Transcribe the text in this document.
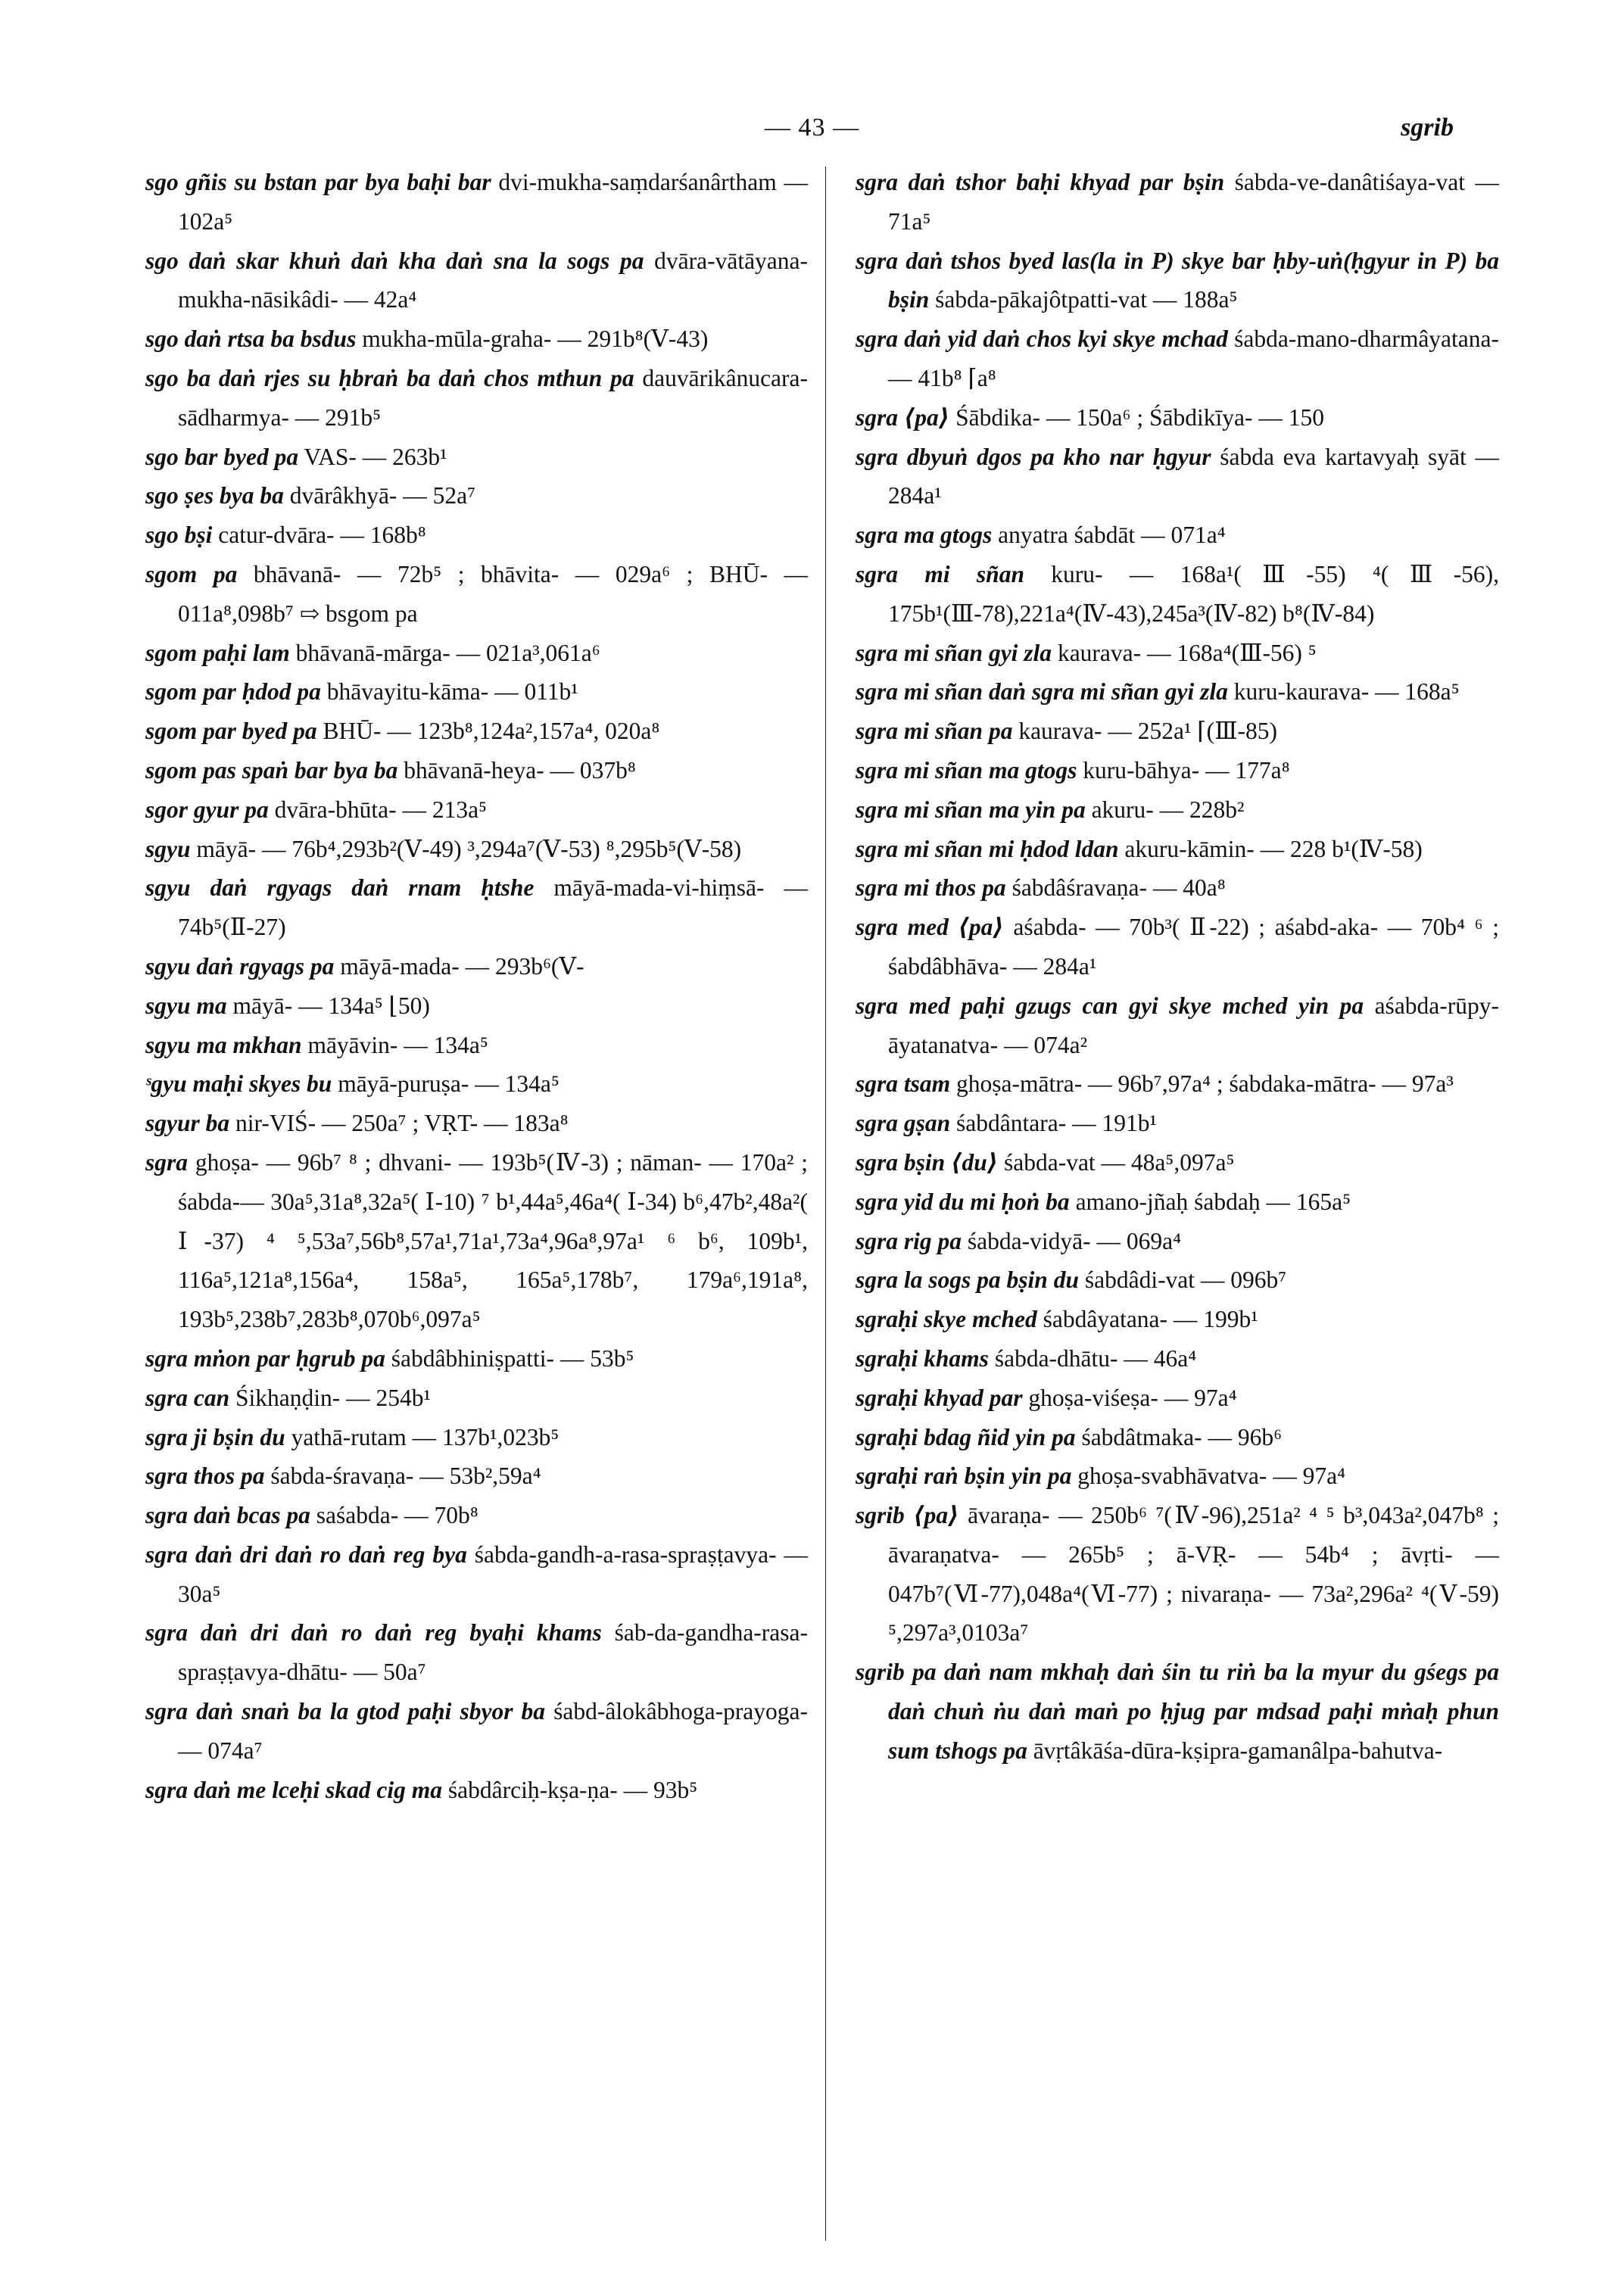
— 43 —	sgrib
sgo gñis su bstan par bya baḥi bar dvi-mukha-saṃdarśanârtham — 102a⁵
sgo daṅ skar khuṅ daṅ kha daṅ sna la sogs pa dvāra-vātāyana-mukha-nāsikâdi- — 42a⁴
sgo daṅ rtsa ba bsdus mukha-mūla-graha- — 291b⁸(Ⅴ-43)
sgo ba daṅ rjes su ḥbraṅ ba daṅ chos mthun pa dauvārikânucara-sādharmya- — 291b⁵
sgo bar byed pa VAS- — 263b¹
sgo ṣes bya ba dvārâkhyā- — 52a⁷
sgo bṣi catur-dvāra- — 168b⁸
sgom pa bhāvanā- — 72b⁵ ; bhāvita- — 029a⁶ ; BHŪ- — 011a⁸,098b⁷ ⇨ bsgom pa
sgom paḥi lam bhāvanā-mārga- — 021a³,061a⁶
sgom par ḥdod pa bhāvayitu-kāma- — 011b¹
sgom par byed pa BHŪ- — 123b⁸,124a²,157a⁴, 020a⁸
sgom pas spaṅ bar bya ba bhāvanā-heya- — 037b⁸
sgor gyur pa dvāra-bhūta- — 213a⁵
sgyu māyā- — 76b⁴,293b²(Ⅴ-49) ³,294a⁷(Ⅴ-53) ⁸,295b⁵(Ⅴ-58)
sgyu daṅ rgyags daṅ rnam ḥtshe māyā-mada-vi-hiṃsā- — 74b⁵(Ⅱ-27)
sgyu daṅ rgyags pa māyā-mada- — 293b⁶(Ⅴ-
sgyu ma māyā- — 134a⁵ ⌊50)
sgyu ma mkhan māyāvin- — 134a⁵
ˢgyu maḥi skyes bu māyā-puruṣa- — 134a⁵
sgyur ba nir-VIŚ- — 250a⁷ ; VṚT- — 183a⁸
sgra ghoṣa- — 96b⁷ ⁸ ; dhvani- — 193b⁵(Ⅳ-3) ; nāman- — 170a² ; śabda-— 30a⁵,31a⁸,32a⁵( Ⅰ-10) ⁷ b¹,44a⁵,46a⁴( Ⅰ-34) b⁶,47b²,48a²( Ⅰ-37) ⁴ ⁵,53a⁷,56b⁸,57a¹,71a¹,73a⁴,96a⁸,97a¹ ⁶ b⁶, 109b¹, 116a⁵,121a⁸,156a⁴, 158a⁵, 165a⁵,178b⁷, 179a⁶,191a⁸, 193b⁵,238b⁷,283b⁸,070b⁶,097a⁵
sgra mṅon par ḥgrub pa śabdâbhiniṣpatti- — 53b⁵
sgra can Śikhaṇḍin- — 254b¹
sgra ji bṣin du yathā-rutam — 137b¹,023b⁵
sgra thos pa śabda-śravaṇa- — 53b²,59a⁴
sgra daṅ bcas pa saśabda- — 70b⁸
sgra daṅ dri daṅ ro daṅ reg bya śabda-gandh-a-rasa-spraṣṭavya- — 30a⁵
sgra daṅ dri daṅ ro daṅ reg byaḥi khams śab-da-gandha-rasa-spraṣṭavya-dhātu- — 50a⁷
sgra daṅ snaṅ ba la gtod paḥi sbyor ba śabd-âlokâbhoga-prayoga- — 074a⁷
sgra daṅ me lceḥi skad cig ma śabdârciḥ-kṣa-ṇa- — 93b⁵
sgra daṅ tshor baḥi khyad par bṣin śabda-ve-danâtiśaya-vat — 71a⁵
sgra daṅ tshos byed las(la in P) skye bar ḥby-uṅ(ḥgyur in P) ba bṣin śabda-pākajôtpatti-vat — 188a⁵
sgra daṅ yid daṅ chos kyi skye mchad śabda-mano-dharmâyatana- — 41b⁸ ⌈a⁸
sgra ⟨pa⟩ Śābdika- — 150a⁶ ; Śābdikīya- — 150
sgra dbyuṅ dgos pa kho nar ḥgyur śabda eva kartavyaḥ syāt — 284a¹
sgra ma gtogs anyatra śabdāt — 071a⁴
sgra mi sñan kuru- — 168a¹(Ⅲ-55) ⁴(Ⅲ-56), 175b¹(Ⅲ-78),221a⁴(Ⅳ-43),245a³(Ⅳ-82) b⁸(Ⅳ-84)
sgra mi sñan gyi zla kaurava- — 168a⁴(Ⅲ-56) ⁵
sgra mi sñan daṅ sgra mi sñan gyi zla kuru-kaurava- — 168a⁵
sgra mi sñan pa kaurava- — 252a¹ ⌈(Ⅲ-85)
sgra mi sñan ma gtogs kuru-bāhya- — 177a⁸
sgra mi sñan ma yin pa akuru- — 228b²
sgra mi sñan mi ḥdod ldan akuru-kāmin- — 228 b¹(Ⅳ-58)
sgra mi thos pa śabdâśravaṇa- — 40a⁸
sgra med ⟨pa⟩ aśabda- — 70b³( Ⅱ-22) ; aśabd-aka- — 70b⁴ ⁶ ; śabdâbhāva- — 284a¹
sgra med paḥi gzugs can gyi skye mched yin pa aśabda-rūpy-āyatanatva- — 074a²
sgra tsam ghoṣa-mātra- — 96b⁷,97a⁴ ; śabdaka-mātra- — 97a³
sgra gṣan śabdântara- — 191b¹
sgra bṣin ⟨du⟩ śabda-vat — 48a⁵,097a⁵
sgra yid du mi ḥoṅ ba amano-jñaḥ śabdaḥ — 165a⁵
sgra rig pa śabda-vidyā- — 069a⁴
sgra la sogs pa bṣin du śabdâdi-vat — 096b⁷
sgraḥi skye mched śabdâyatana- — 199b¹
sgraḥi khams śabda-dhātu- — 46a⁴
sgraḥi khyad par ghoṣa-viśeṣa- — 97a⁴
sgraḥi bdag ñid yin pa śabdâtmaka- — 96b⁶
sgraḥi raṅ bṣin yin pa ghoṣa-svabhāvatva- — 97a⁴
sgrib ⟨pa⟩ āvaraṇa- — 250b⁶ ⁷(Ⅳ-96),251a² ⁴ ⁵ b³,043a²,047b⁸ ; āvaraṇatva- — 265b⁵ ; ā-VṚ- — 54b⁴ ; āvṛti- — 047b⁷(Ⅵ-77),048a⁴(Ⅵ-77) ; nivaraṇa- — 73a²,296a² ⁴(Ⅴ-59) ⁵,297a³,0103a⁷
sgrib pa daṅ nam mkhaḥ daṅ śin tu riṅ ba la myur du gśegs pa daṅ chuṅ ṅu daṅ maṅ po ḥjug par mdsad paḥi mṅaḥ phun sum tshogs pa āvṛtâkāśa-dūra-kṣipra-gamanâlpa-bahutva-
